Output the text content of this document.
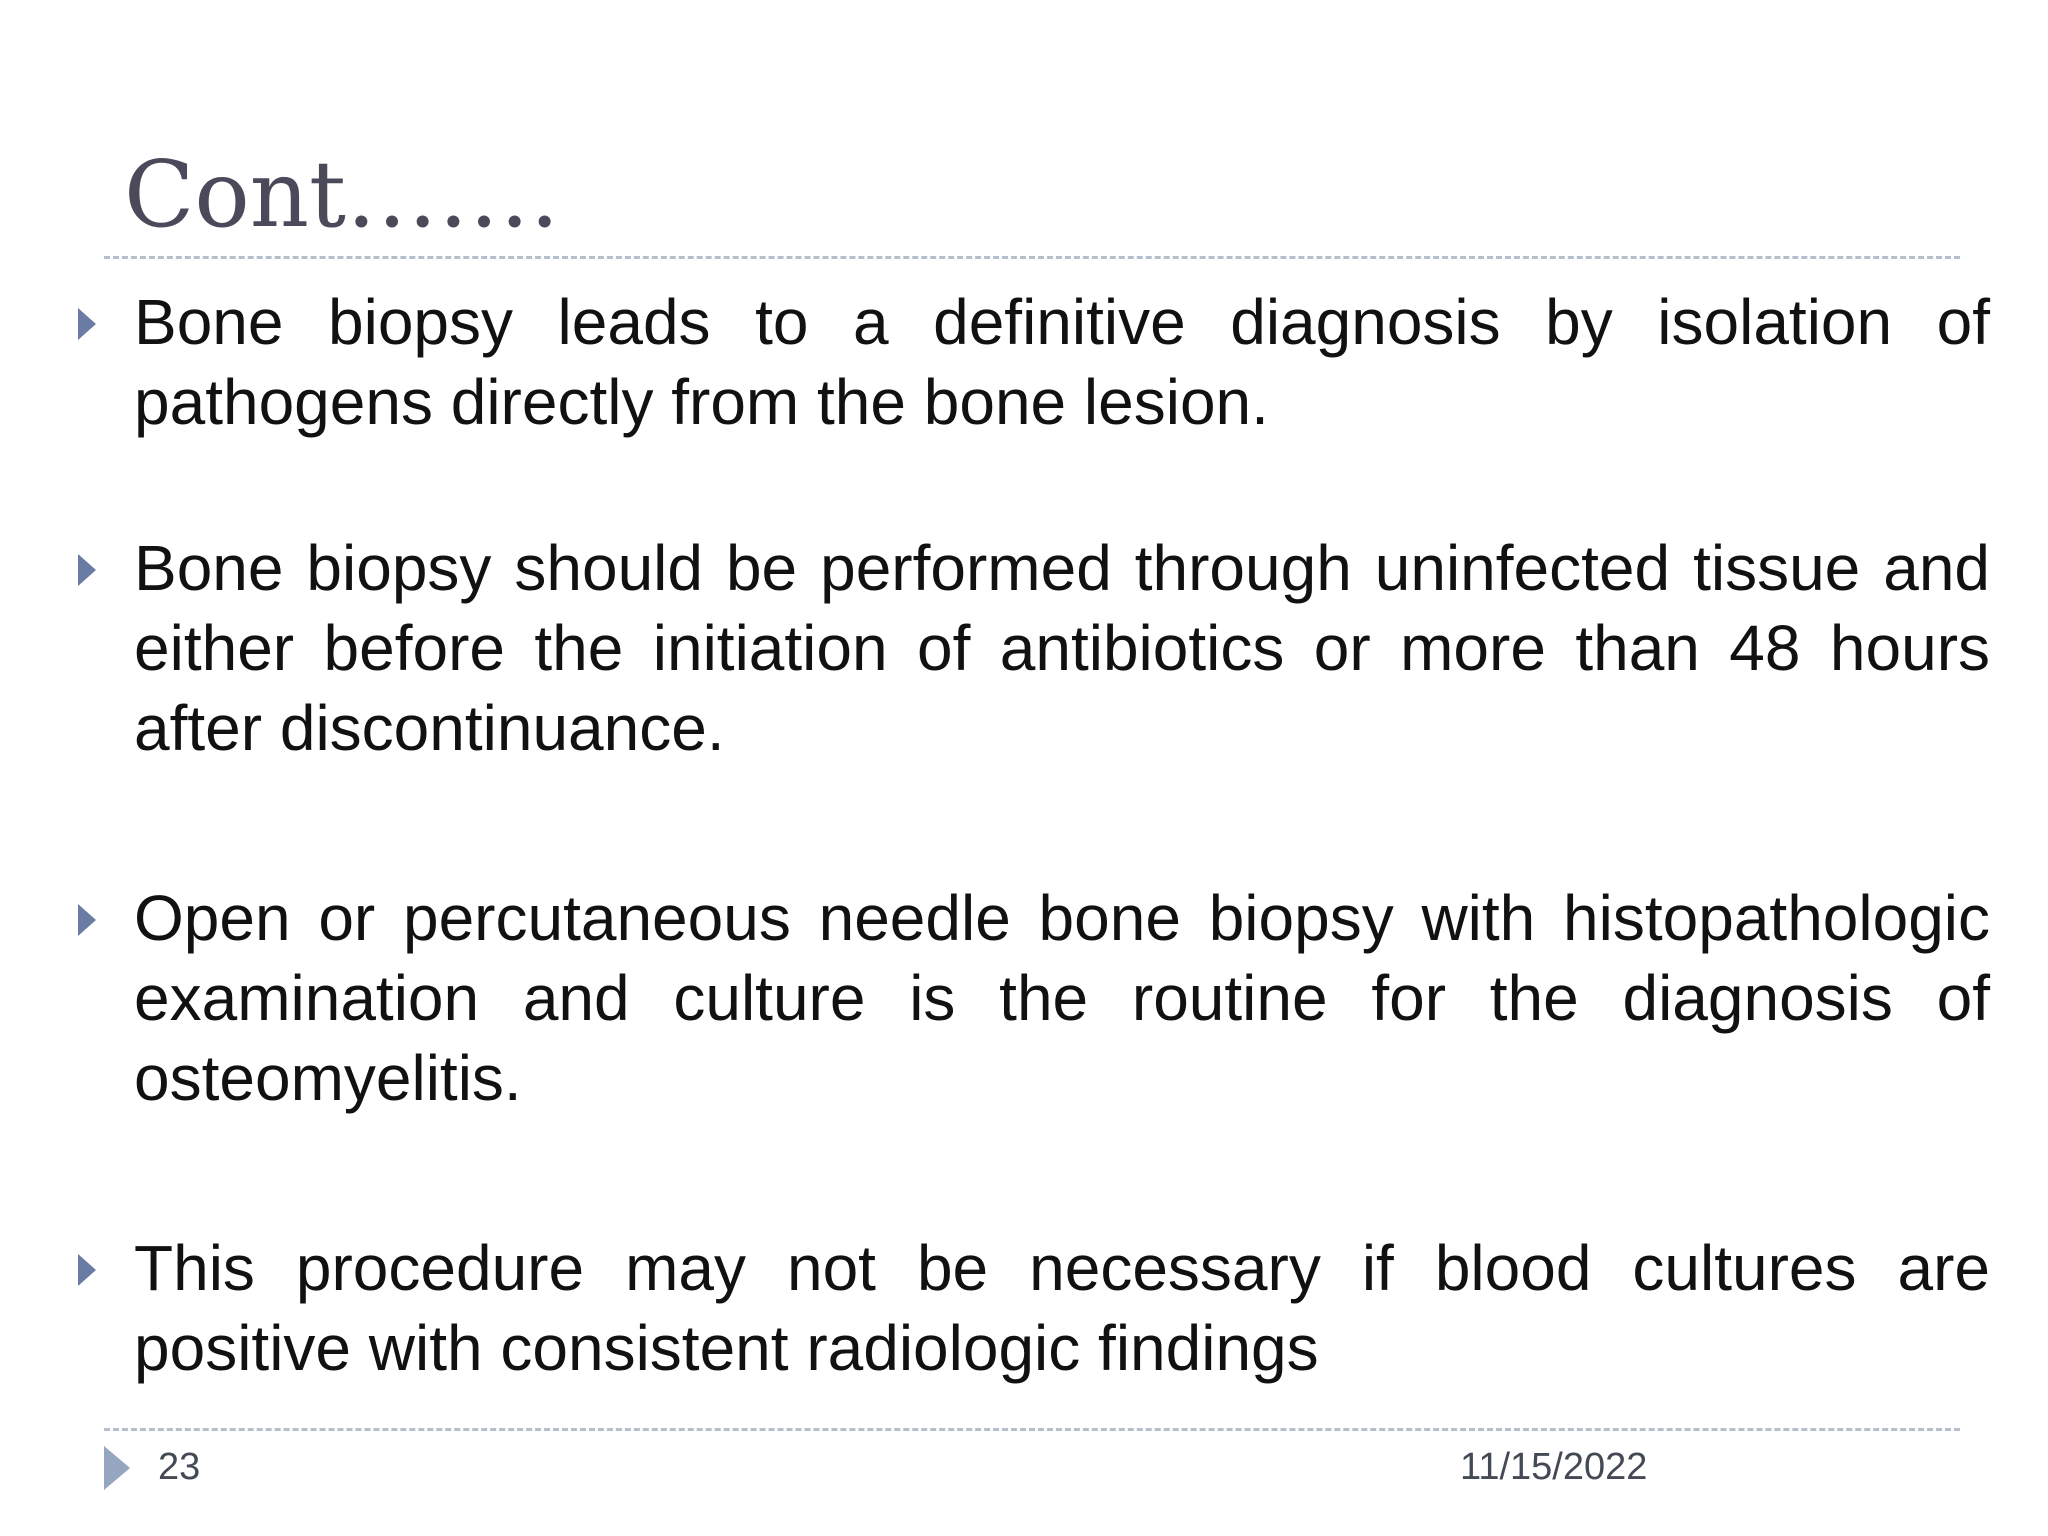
Cont…….
Bone biopsy leads to a definitive diagnosis by isolation of pathogens directly from the bone lesion.
Bone biopsy should be performed through uninfected tissue and either before the initiation of antibiotics or more than 48 hours after discontinuance.
Open or percutaneous needle bone biopsy with histopathologic examination and culture is the routine for the diagnosis of osteomyelitis.
This procedure may not be necessary if blood cultures are positive with consistent radiologic findings
23	11/15/2022
